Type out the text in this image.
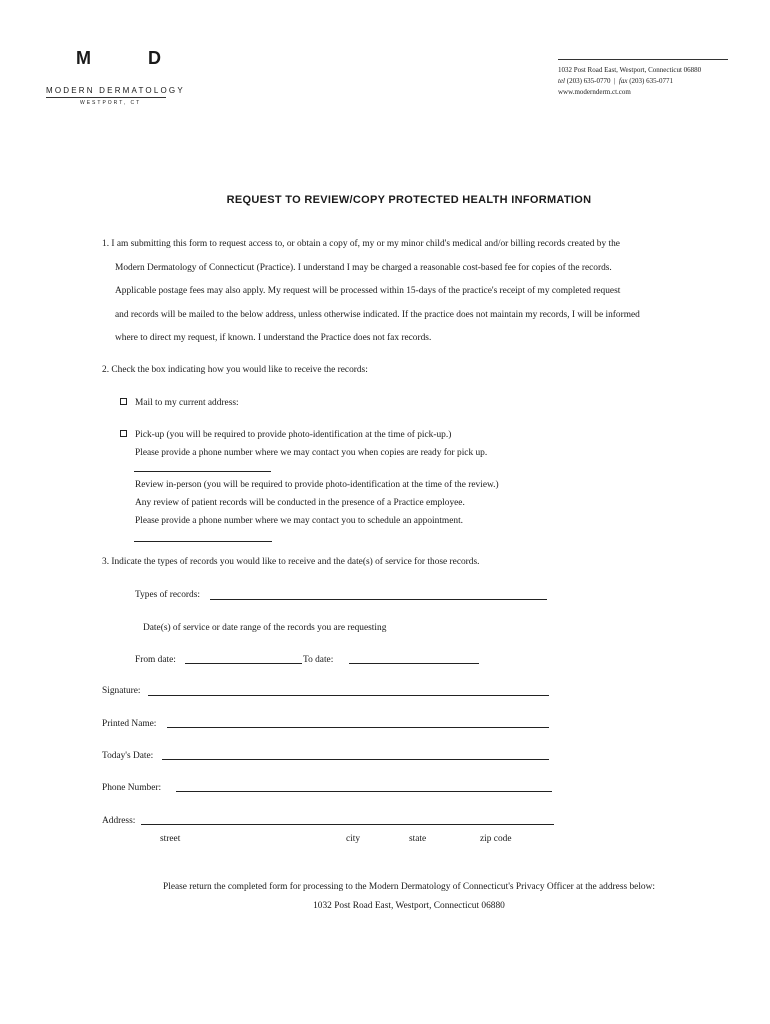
M D
MODERN DERMATOLOGY
WESTPORT, CT
1032 Post Road East, Westport, Connecticut 06880
tel (203) 635-0770  |  fax (203) 635-0771
www.modernderm.ct.com
REQUEST TO REVIEW/COPY PROTECTED HEALTH INFORMATION
1. I am submitting this form to request access to, or obtain a copy of, my or my minor child's medical and/or billing records created by the
Modern Dermatology of Connecticut (Practice). I understand I may be charged a reasonable cost-based fee for copies of the records.
Applicable postage fees may also apply. My request will be processed within 15-days of the practice's receipt of my completed request
and records will be mailed to the below address, unless otherwise indicated. If the practice does not maintain my records, I will be informed
where to direct my request, if known. I understand the Practice does not fax records.
2. Check the box indicating how you would like to receive the records:
Mail to my current address:
Pick-up (you will be required to provide photo-identification at the time of pick-up.)
Please provide a phone number where we may contact you when copies are ready for pick up.
Review in-person (you will be required to provide photo-identification at the time of the review.)
Any review of patient records will be conducted in the presence of a Practice employee.
Please provide a phone number where we may contact you to schedule an appointment.
3. Indicate the types of records you would like to receive and the date(s) of service for those records.
Types of records:
Date(s) of service or date range of the records you are requesting
From date:	To date:
Signature:
Printed Name:
Today's Date:
Phone Number:
Address:
street	city	state	zip code
Please return the completed form for processing to the Modern Dermatology of Connecticut's Privacy Officer at the address below:
1032 Post Road East, Westport, Connecticut 06880
